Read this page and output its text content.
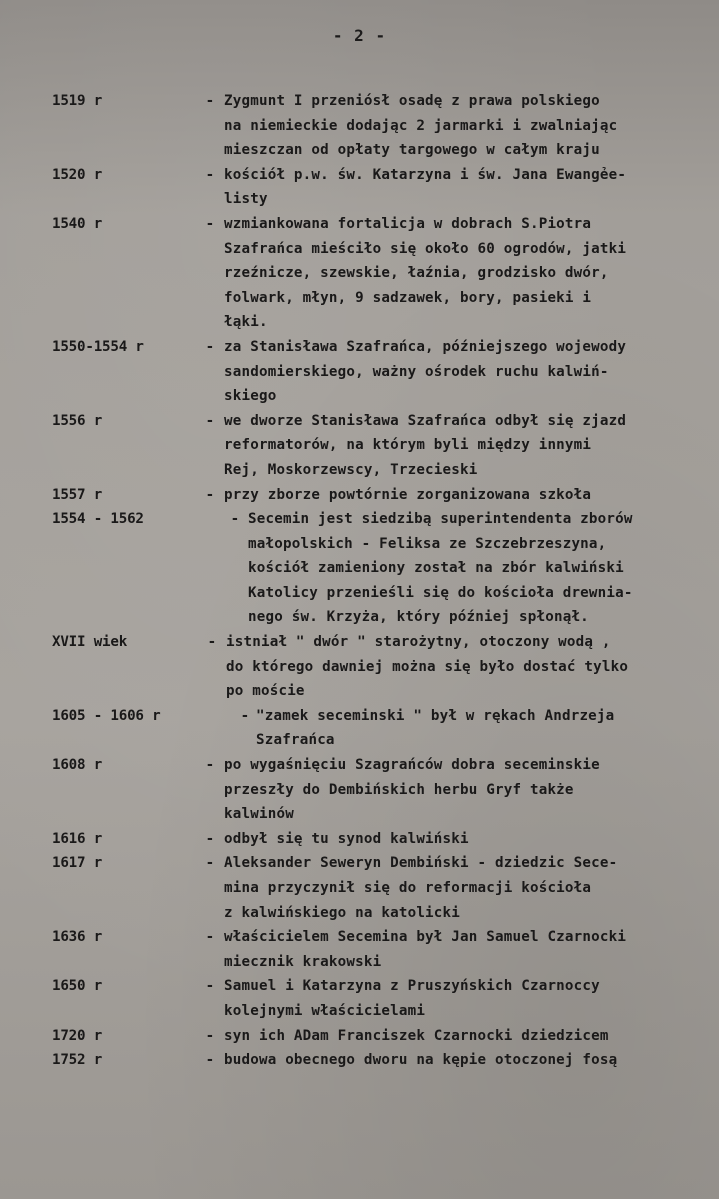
- 2 -
1519 r	- Zygmunt I przeniósł osadę z prawa polskiego
na niemieckie dodając 2 jarmarki i zwalniając
mieszczan od opłaty targowego w całym kraju
1520 r	- kościół p.w. św. Katarzyna i św. Jana Ewangẻe-
listy
1540 r	- wzmiankowana fortalicja w dobrach S.Piotra
Szafrańca mieściło się około 60 ogrodów, jatki
rzeźnicze, szewskie, łaźnia, grodzisko dwór,
folwark, młyn, 9 sadzawek, bory, pasieki i
łąki.
1550-1554 r	- za Stanisława Szafrańca, późniejszego wojewody
sandomierskiego, ważny ośrodek ruchu kalwiń-
skiego
1556 r	- we dworze Stanisława Szafrańca odbył się zjazd
reformatorów, na którym byli między innymi
Rej, Moskorzewscy, Trzecieski
1557 r	- przy zborze powtórnie zorganizowana szkoła
1554 - 1562	- Secemin jest siedzibą superintendenta zborów
małopolskich - Feliksa ze Szczebrzeszyna,
kościół zamieniony został na zbór kalwiński
Katolicy przenieśli się do kościoła drewnia-
nego św. Krzyża, który później spłonął.
XVII wiek	- istniał " dwór " starożytny, otoczony wodą ,
do którego dawniej można się było dostać tylko
po moście
1605 - 1606 r	- "zamek seceminski " był w rękach Andrzeja
Szafrańca
1608 r	- po wygaśnięciu Szagrańców dobra seceminskie
przeszły do Dembińskich herbu Gryf także
kalwinów
1616 r	- odbył się tu synod kalwiński
1617 r	- Aleksander Seweryn Dembiński - dziedzic Sece-
mina przyczynił się do reformacji kościoła
z kalwińskiego na katolicki
1636 r	- właścicielem Secemina był Jan Samuel Czarnocki
miecznik krakowski
1650 r	- Samuel i Katarzyna z Pruszyńskich Czarnoccy
kolejnymi właścicielami
1720 r	- syn ich ADam Franciszek Czarnocki dziedzicem
1752 r	- budowa obecnego dworu na kępie otoczonej fosą
